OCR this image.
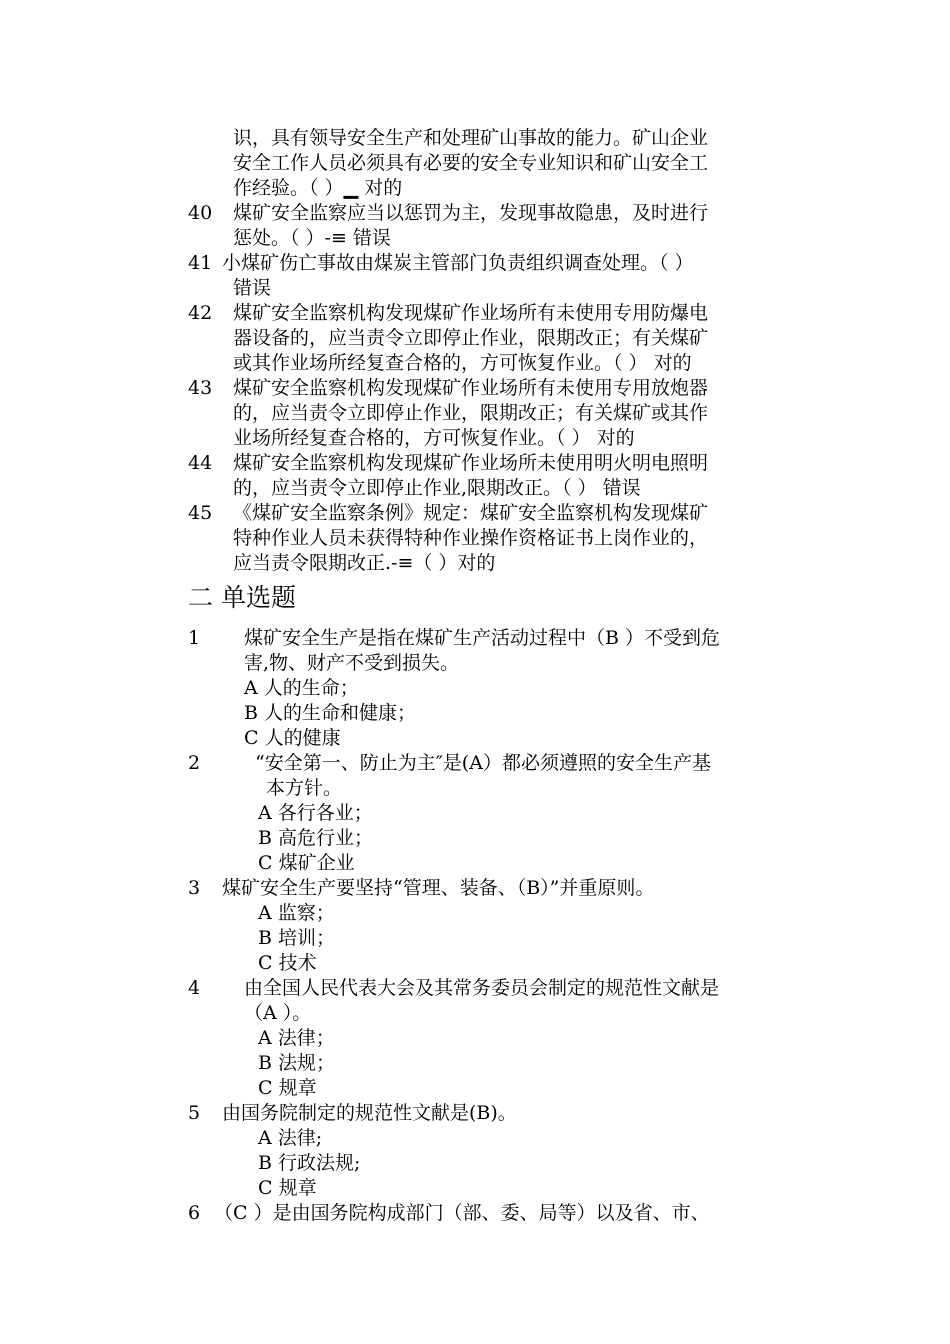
识，具有领导安全生产和处理矿山事故的能力。矿山企业
安全工作人员必须具有必要的安全专业知识和矿山安全工
作经验。（ ）▁ 对的
40 煤矿安全监察应当以惩罚为主，发现事故隐患，及时进行
惩处。（ ）-≡ 错误
41 小煤矿伤亡事故由煤炭主管部门负责组织调查处理。（ ）
错误
42 煤矿安全监察机构发现煤矿作业场所有未使用专用防爆电
器设备的，应当责令立即停止作业，限期改正；有关煤矿
或其作业场所经复查合格的，方可恢复作业。（ ） 对的
43 煤矿安全监察机构发现煤矿作业场所有未使用专用放炮器
的，应当责令立即停止作业，限期改正；有关煤矿或其作
业场所经复查合格的，方可恢复作业。（ ） 对的
44 煤矿安全监察机构发现煤矿作业场所未使用明火明电照明
的，应当责令立即停止作业,限期改正。（ ） 错误
45 《煤矿安全监察条例》规定：煤矿安全监察机构发现煤矿
特种作业人员未获得特种作业操作资格证书上岗作业的，
应当责令限期改正.-≡（ ）对的
二 单选题
1 煤矿安全生产是指在煤矿生产活动过程中（B ）不受到危
害,物、财产不受到损失。
A 人的生命；
B 人的生命和健康；
C 人的健康
2	“安全第一、防止为主″是(A）都必须遵照的安全生产基
本方针。
A 各行各业；
B 高危行业；
C 煤矿企业
3 煤矿安全生产要坚持“管理、装备、（B）”并重原则。
A 监察；
B 培训；
C 技术
4 由全国人民代表大会及其常务委员会制定的规范性文献是
（A ）。
A 法律；
B 法规；
C 规章
5 由国务院制定的规范性文献是(B)。
A 法律;
B 行政法规;
C 规章
6 （C ）是由国务院构成部门（部、委、局等）以及省、市、
